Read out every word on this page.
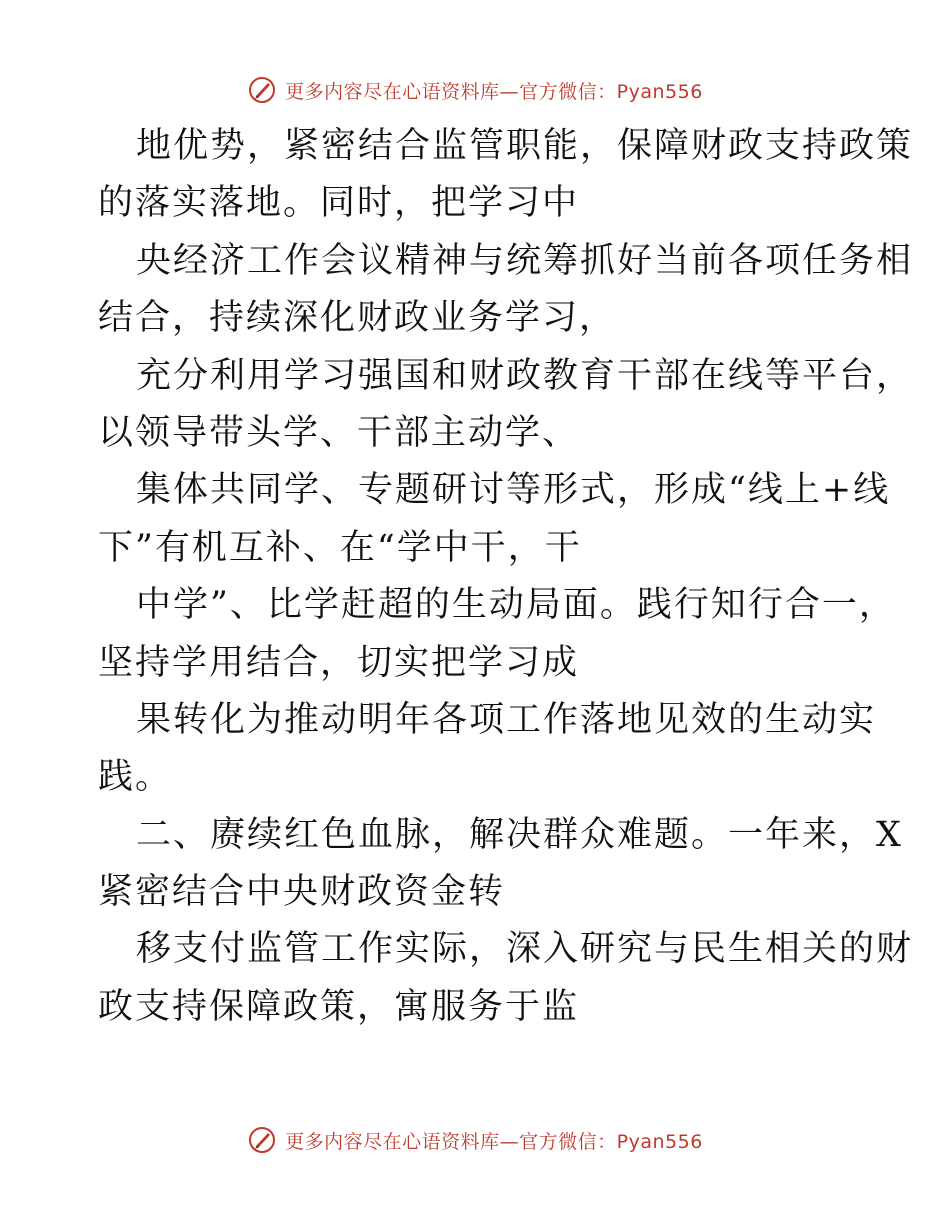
更多内容尽在心语资料库—官方微信：Pyan556
地优势，紧密结合监管职能，保障财政支持政策
的落实落地。同时，把学习中
央经济工作会议精神与统筹抓好当前各项任务相
结合，持续深化财政业务学习，
充分利用学习强国和财政教育干部在线等平台，
以领导带头学、干部主动学、
集体共同学、专题研讨等形式，形成“线上+线
下”有机互补、在“学中干，干
中学”、比学赶超的生动局面。践行知行合一，
坚持学用结合，切实把学习成
果转化为推动明年各项工作落地见效的生动实
践。
二、赓续红色血脉，解决群众难题。一年来，X
紧密结合中央财政资金转
移支付监管工作实际，深入研究与民生相关的财
政支持保障政策，寓服务于监
更多内容尽在心语资料库—官方微信：Pyan556
